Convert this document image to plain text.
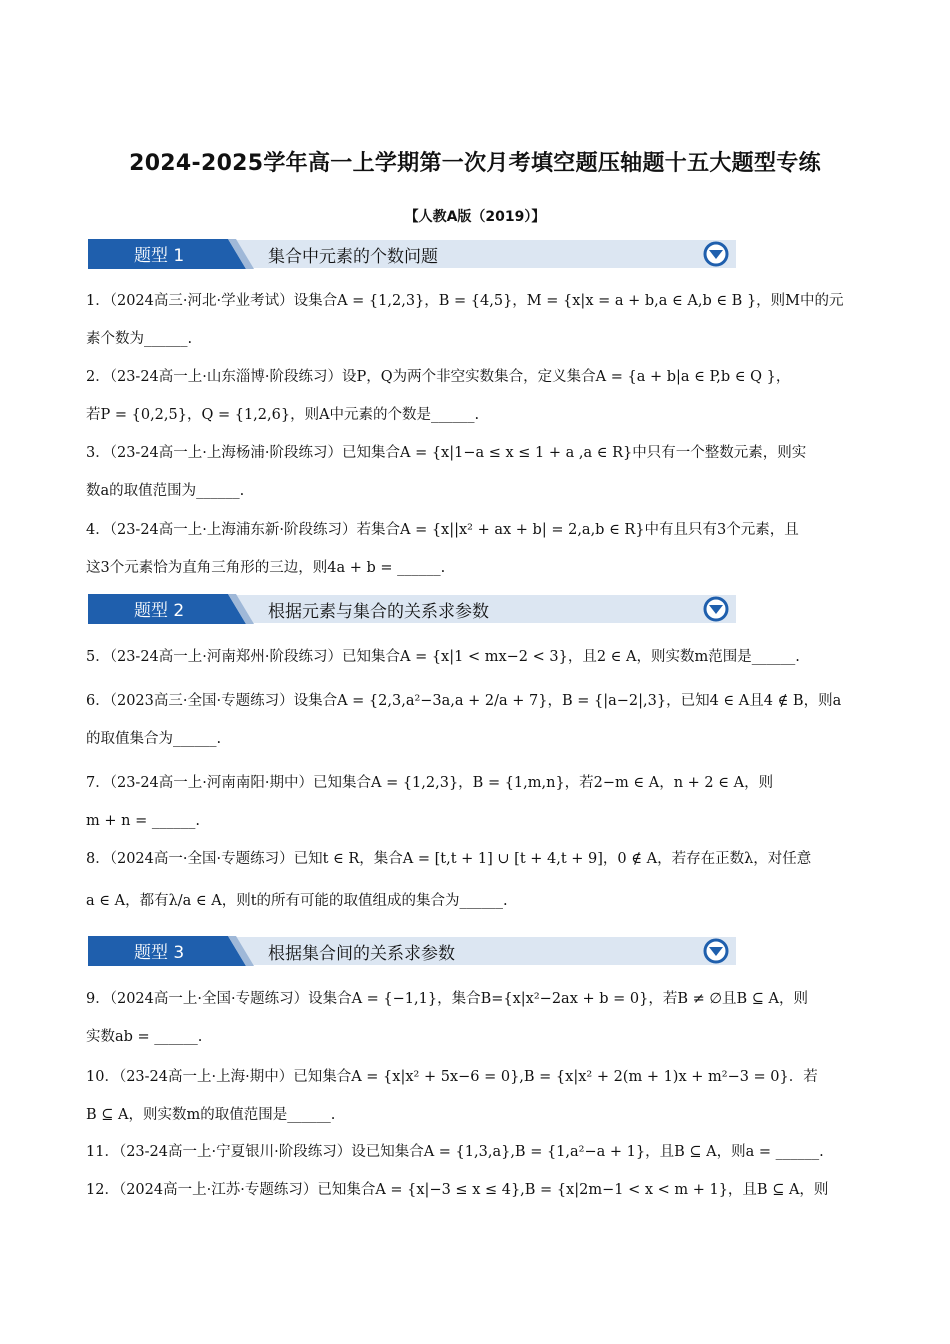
2024-2025学年高一上学期第一次月考填空题压轴题十五大题型专练
【人教A版（2019）】
题型 1	集合中元素的个数问题
题型 2	根据元素与集合的关系求参数
题型 3	根据集合间的关系求参数
1．（2024高三·河北·学业考试）设集合A = {1,2,3}，B = {4,5}，M = {x|x = a + b,a ∈ A,b ∈ B }，则M中的元
素个数为______.
2．（23-24高一上·山东淄博·阶段练习）设P，Q为两个非空实数集合，定义集合A = {a + b|a ∈ P,b ∈ Q }，
若P = {0,2,5}，Q = {1,2,6}，则A中元素的个数是______.
3．（23-24高一上·上海杨浦·阶段练习）已知集合A = {x|1−a ≤ x ≤ 1 + a ,a ∈ R}中只有一个整数元素，则实
数a的取值范围为______.
4．（23-24高一上·上海浦东新·阶段练习）若集合A = {x||x² + ax + b| = 2,a,b ∈ R}中有且只有3个元素，且
这3个元素恰为直角三角形的三边，则4a + b = ______.
5．（23-24高一上·河南郑州·阶段练习）已知集合A = {x|1 < mx−2 < 3}，且2 ∈ A，则实数m范围是______.
6．（2023高三·全国·专题练习）设集合A = {2,3,a²−3a,a + 2/a + 7}，B = {|a−2|,3}，已知4 ∈ A且4 ∉ B，则a
的取值集合为______.
7．（23-24高一上·河南南阳·期中）已知集合A = {1,2,3}，B = {1,m,n}，若2−m ∈ A，n + 2 ∈ A，则
m + n = ______.
8．（2024高一·全国·专题练习）已知t ∈ R，集合A = [t,t + 1] ∪ [t + 4,t + 9]，0 ∉ A，若存在正数λ，对任意
a ∈ A，都有λ/a ∈ A，则t的所有可能的取值组成的集合为______.
9．（2024高一上·全国·专题练习）设集合A = {−1,1}，集合B={x|x²−2ax + b = 0}，若B ≠ ∅且B ⊆ A，则
实数ab = ______.
10．（23-24高一上·上海·期中）已知集合A = {x|x² + 5x−6 = 0},B = {x|x² + 2(m + 1)x + m²−3 = 0}．若
B ⊆ A，则实数m的取值范围是______.
11．（23-24高一上·宁夏银川·阶段练习）设已知集合A = {1,3,a},B = {1,a²−a + 1}，且B ⊆ A，则a = ______.
12．（2024高一上·江苏·专题练习）已知集合A = {x|−3 ≤ x ≤ 4},B = {x|2m−1 < x < m + 1}，且B ⊆ A，则
